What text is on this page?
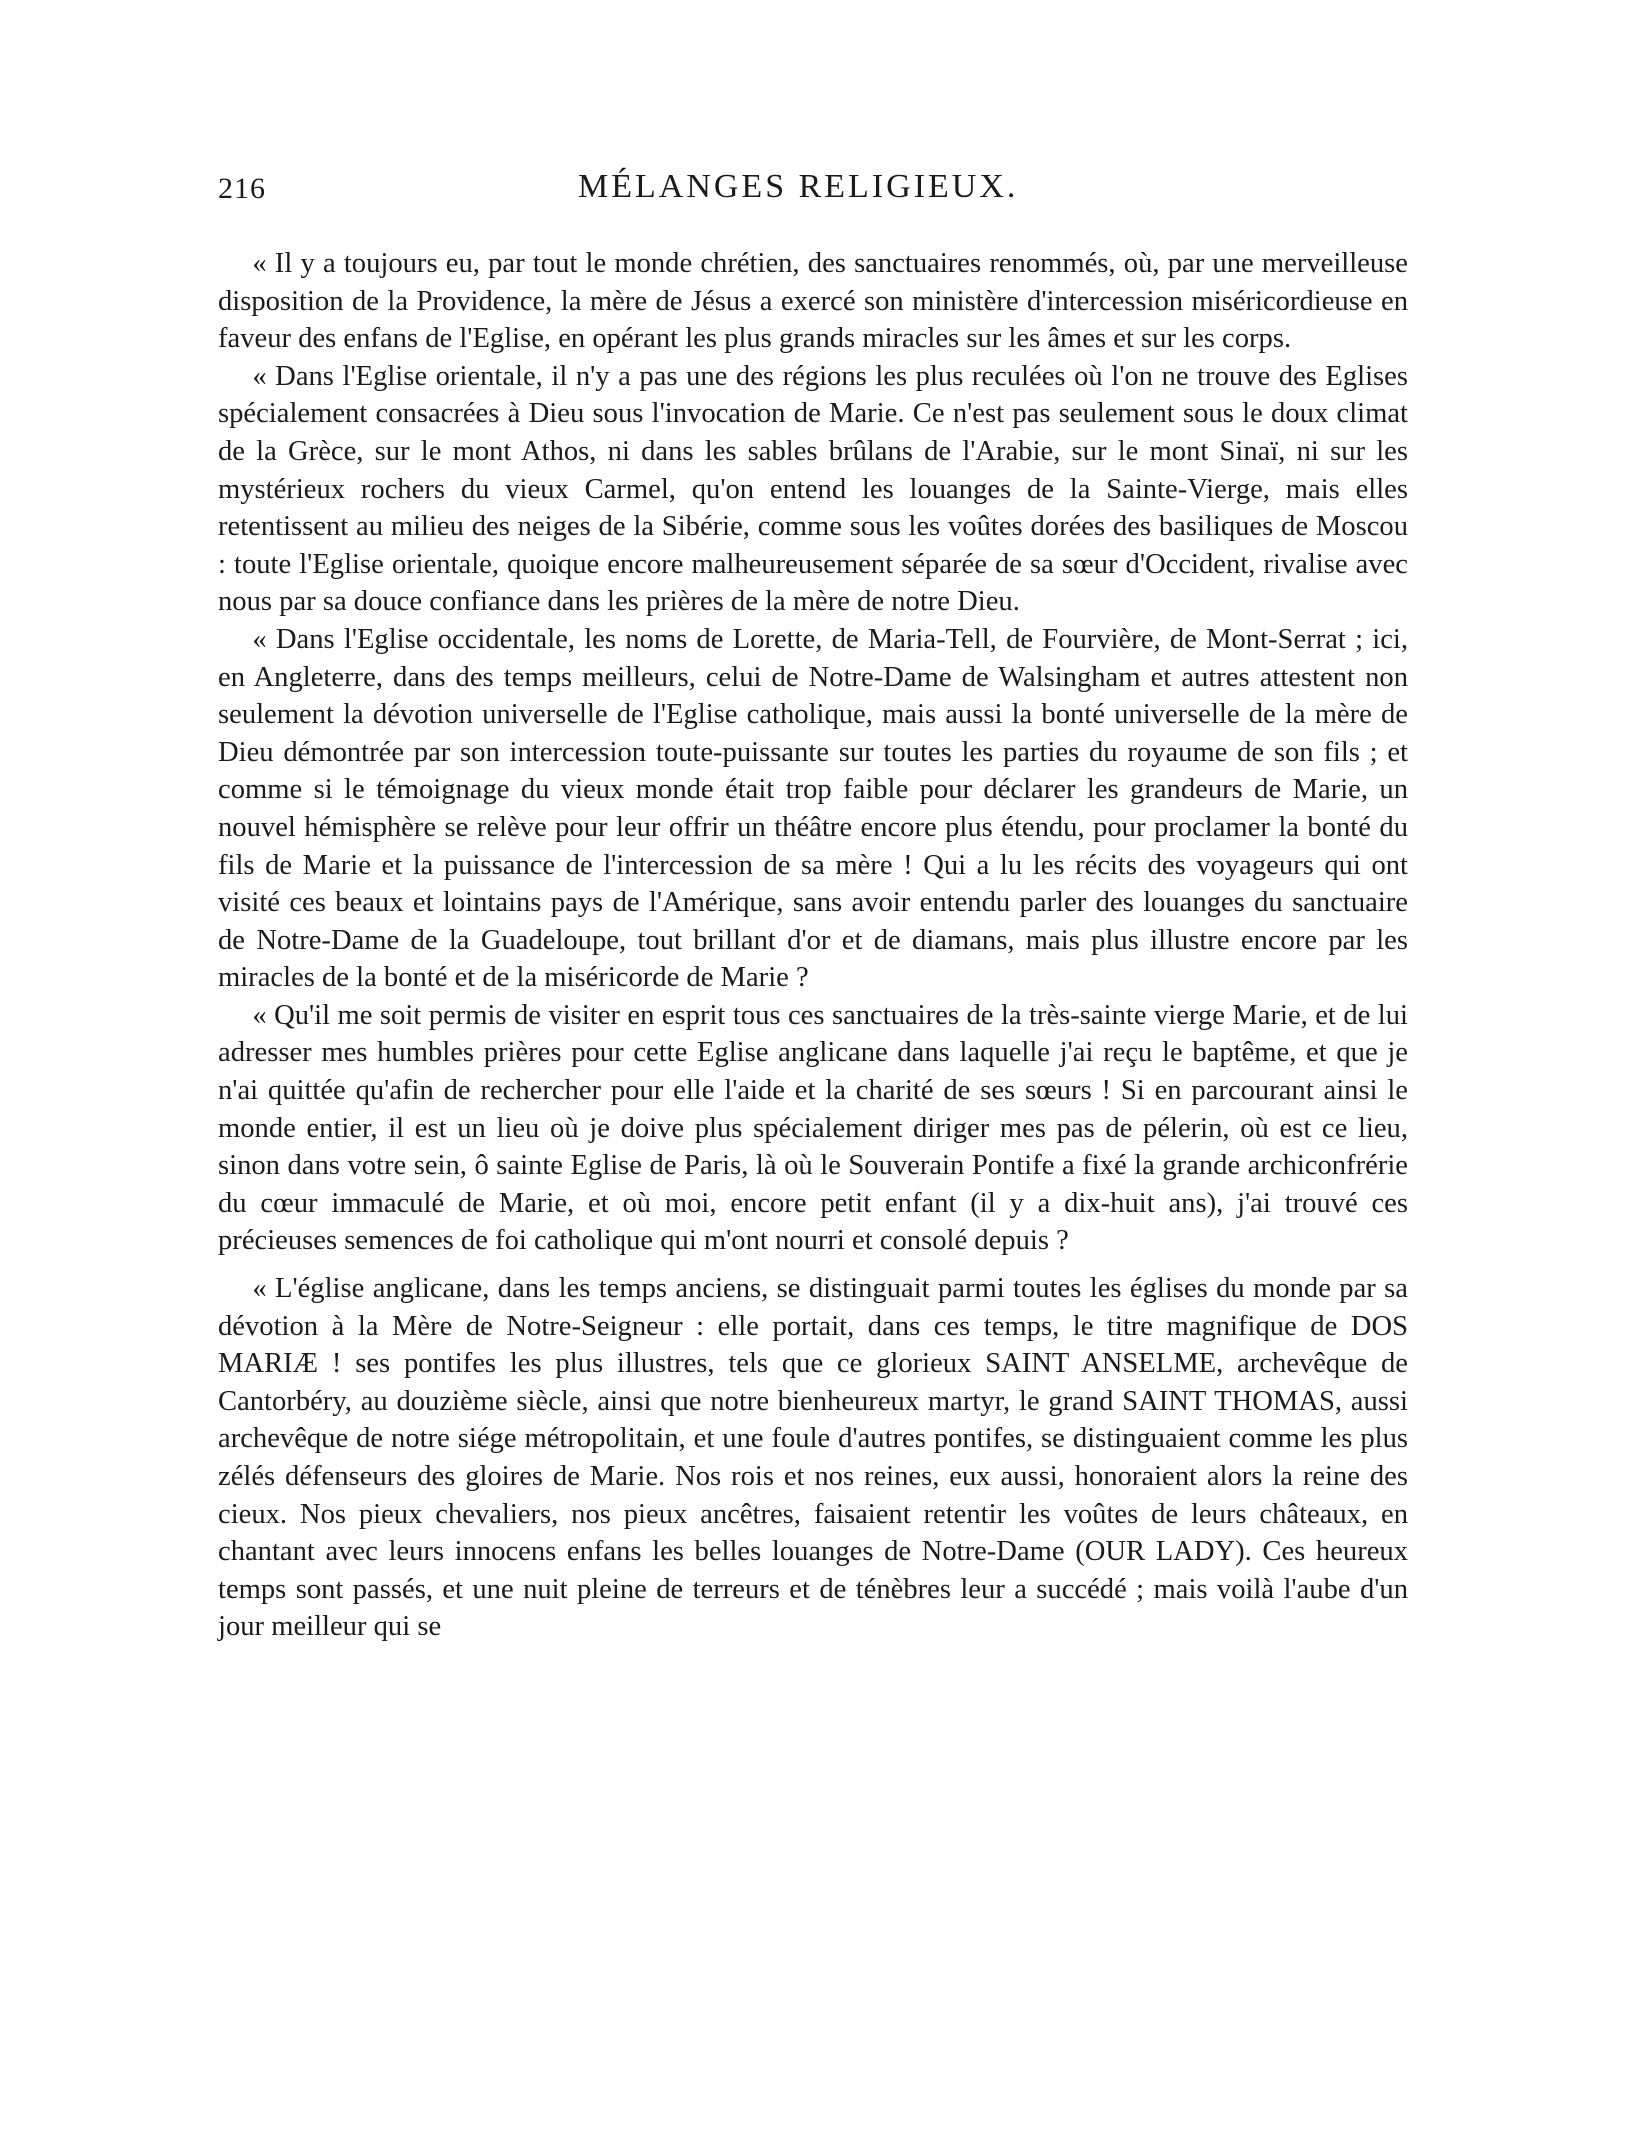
216	MÉLANGES RELIGIEUX.

« Il y a toujours eu, par tout le monde chrétien, des sanctuaires renommés, où, par une merveilleuse disposition de la Providence, la mère de Jésus a exercé son ministère d'intercession miséricordieuse en faveur des enfans de l'Eglise, en opérant les plus grands miracles sur les âmes et sur les corps.

« Dans l'Eglise orientale, il n'y a pas une des régions les plus reculées où l'on ne trouve des Eglises spécialement consacrées à Dieu sous l'invocation de Marie. Ce n'est pas seulement sous le doux climat de la Grèce, sur le mont Athos, ni dans les sables brûlans de l'Arabie, sur le mont Sinaï, ni sur les mystérieux rochers du vieux Carmel, qu'on entend les louanges de la Sainte-Vierge, mais elles retentissent au milieu des neiges de la Sibérie, comme sous les voûtes dorées des basiliques de Moscou : toute l'Eglise orientale, quoique encore malheureusement séparée de sa sœur d'Occident, rivalise avec nous par sa douce confiance dans les prières de la mère de notre Dieu.

« Dans l'Eglise occidentale, les noms de Lorette, de Maria-Tell, de Fourvière, de Mont-Serrat ; ici, en Angleterre, dans des temps meilleurs, celui de Notre-Dame de Walsingham et autres attestent non seulement la dévotion universelle de l'Eglise catholique, mais aussi la bonté universelle de la mère de Dieu démontrée par son intercession toute-puissante sur toutes les parties du royaume de son fils ; et comme si le témoignage du vieux monde était trop faible pour déclarer les grandeurs de Marie, un nouvel hémisphère se relève pour leur offrir un théâtre encore plus étendu, pour proclamer la bonté du fils de Marie et la puissance de l'intercession de sa mère ! Qui a lu les récits des voyageurs qui ont visité ces beaux et lointains pays de l'Amérique, sans avoir entendu parler des louanges du sanctuaire de Notre-Dame de la Guadeloupe, tout brillant d'or et de diamans, mais plus illustre encore par les miracles de la bonté et de la miséricorde de Marie ?

« Qu'il me soit permis de visiter en esprit tous ces sanctuaires de la très-sainte vierge Marie, et de lui adresser mes humbles prières pour cette Eglise anglicane dans laquelle j'ai reçu le baptême, et que je n'ai quittée qu'afin de rechercher pour elle l'aide et la charité de ses sœurs ! Si en parcourant ainsi le monde entier, il est un lieu où je doive plus spécialement diriger mes pas de pélerin, où est ce lieu, sinon dans votre sein, ô sainte Eglise de Paris, là où le Souverain Pontife a fixé la grande archiconfrérie du cœur immaculé de Marie, et où moi, encore petit enfant (il y a dix-huit ans), j'ai trouvé ces précieuses semences de foi catholique qui m'ont nourri et consolé depuis ?

« L'église anglicane, dans les temps anciens, se distinguait parmi toutes les églises du monde par sa dévotion à la Mère de Notre-Seigneur : elle portait, dans ces temps, le titre magnifique de DOS MARIÆ ! ses pontifes les plus illustres, tels que ce glorieux SAINT ANSELME, archevêque de Cantorbéry, au douzième siècle, ainsi que notre bienheureux martyr, le grand SAINT THOMAS, aussi archevêque de notre siége métropolitain, et une foule d'autres pontifes, se distinguaient comme les plus zélés défenseurs des gloires de Marie. Nos rois et nos reines, eux aussi, honoraient alors la reine des cieux. Nos pieux chevaliers, nos pieux ancêtres, faisaient retentir les voûtes de leurs châteaux, en chantant avec leurs innocens enfans les belles louanges de Notre-Dame (OUR LADY). Ces heureux temps sont passés, et une nuit pleine de terreurs et de ténèbres leur a succédé ; mais voilà l'aube d'un jour meilleur qui se
